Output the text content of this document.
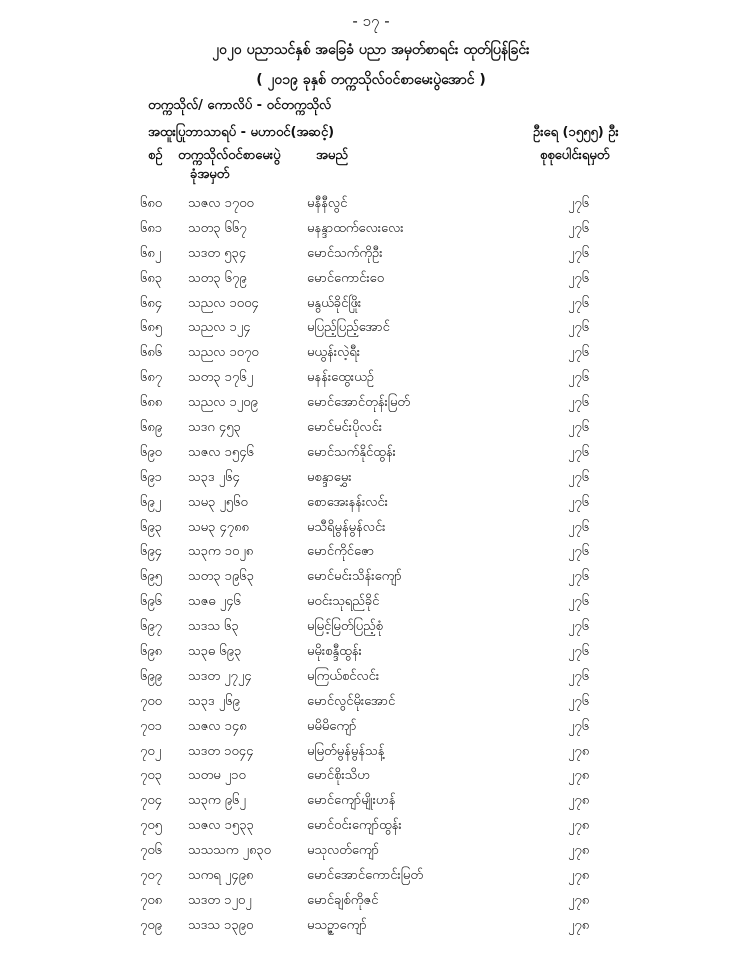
- ၁၇ -
၂၀၂၀ ပညာသင်နှစ် အခြေခံ ပညာ အမှတ်စာရင်း ထုတ်ပြန်ခြင်း
( ၂၀၁၉ ခုနှစ် တက္ကသိုလ်ဝင်စာမေးပွဲအောင် )
တက္ကသိုလ်/ ကောလိပ် - ဝင်တက္ကသိုလ်
အထူးပြုဘာသာရပ် - မဟာဝင်(အဆင့်)	ဦးရေ (၁၅၅၅) ဦး
စဉ် တက္ကသိုလ်ဝင်စာမေးပွဲ
ခုံအမှတ်
အမည်	စုစုပေါင်းရမှတ်
၆၈၀ သဇလ ၁၇၀၀	မနီနီလွင်	၂၇၆
၆၈၁ သတ၃ ၆၆၇	မနန္ဒာထက်လေးလေး	၂၇၆
၆၈၂ သဒတ ၅၃၄	မောင်သက်ကိုဦး	၂၇၆
၆၈၃ သတ၃ ၆၇၉	မောင်ကောင်းဝေ	၂၇၆
၆၈၄ သညလ ၁၀၀၄	မနွယ်ခိုင်ဖြိုး	၂၇၆
၆၈၅ သညလ ၁၂၄	မပြည့်ပြည့်အောင်	၂၇၆
၆၈၆ သညလ ၁၀၇၀	မယွန်းလဲ့ရီး	၂၇၆
၆၈၇ သတ၃ ၁၇၆၂	မနန်းထွေးယဉ်	၂၇၆
၆၈၈ သညလ ၁၂၀၉	မောင်အောင်တုန်းမြတ်	၂၇၆
၆၈၉ သဒဂ ၄၅၃	မောင်မင်းပိုလင်း	၂၇၆
၆၉၀ သဇလ ၁၅၄၆	မောင်သက်နိုင်ထွန်း	၂၇၆
၆၉၁ သ၃ဒ ၂၆၄	မစန္ဒာမွှေး	၂၇၆
၆၉၂ သမ၃ ၂၅၆၀	စောအေးနန်းလင်း	၂၇၆
၆၉၃ သမ၃ ၄၇၈၈	မသီရိမွန်မွန်လင်း	၂၇၆
၆၉၄ သ၃က ၁၀၂၈	မောင်ကိုင်ဇော	၂၇၆
၆၉၅ သတ၃ ၁၉၆၃	မောင်မင်းသိန်းကျော်	၂၇၆
၆၉၆ သဇဓ ၂၄၆	မဝင်းသုရည်ခိုင်	၂၇၆
၆၉၇ သဒသ ၆၃	မမြင့်မြတ်ပြည့်စုံ	၂၇၆
၆၉၈ သ၃ဓ ၆၉၃	မမိုးစန္ဒီထွန်း	၂၇၆
၆၉၉ သဒတ ၂၇၂၄	မကြယ်စင်လင်း	၂၇၆
၇၀၀ သ၃ဒ ၂၆၉	မောင်လွင်မိုးအောင်	၂၇၆
၇၀၁ သဇလ ၁၄၈	မမိမိကျော်	၂၇၆
၇၀၂ သဒတ ၁၀၄၄	မမြတ်မွန်မွန်သန့်	၂၇၈
၇၀၃ သတမ ၂၁၀	မောင်စိုးသိဟ	၂၇၈
၇၀၄ သ၃က ၉၆၂	မောင်ကျော်မျိုးဟန်	၂၇၈
၇၀၅ သဇလ ၁၅၃၃	မောင်ဝင်းကျော်ထွန်း	၂၇၈
၇၀၆ သသသက ၂၈၃၀	မသုလတ်ကျော်	၂၇၈
၇၀၇ သကရ ၂၄၉၈	မောင်အောင်ကောင်းမြတ်	၂၇၈
၇၀၈ သဒတ ၁၂၀၂	မောင်ချစ်ကိုဇင်	၂၇၈
၇၀၉ သဒသ ၁၃၉၀	မသဥ္ဇာကျော်	၂၇၈
